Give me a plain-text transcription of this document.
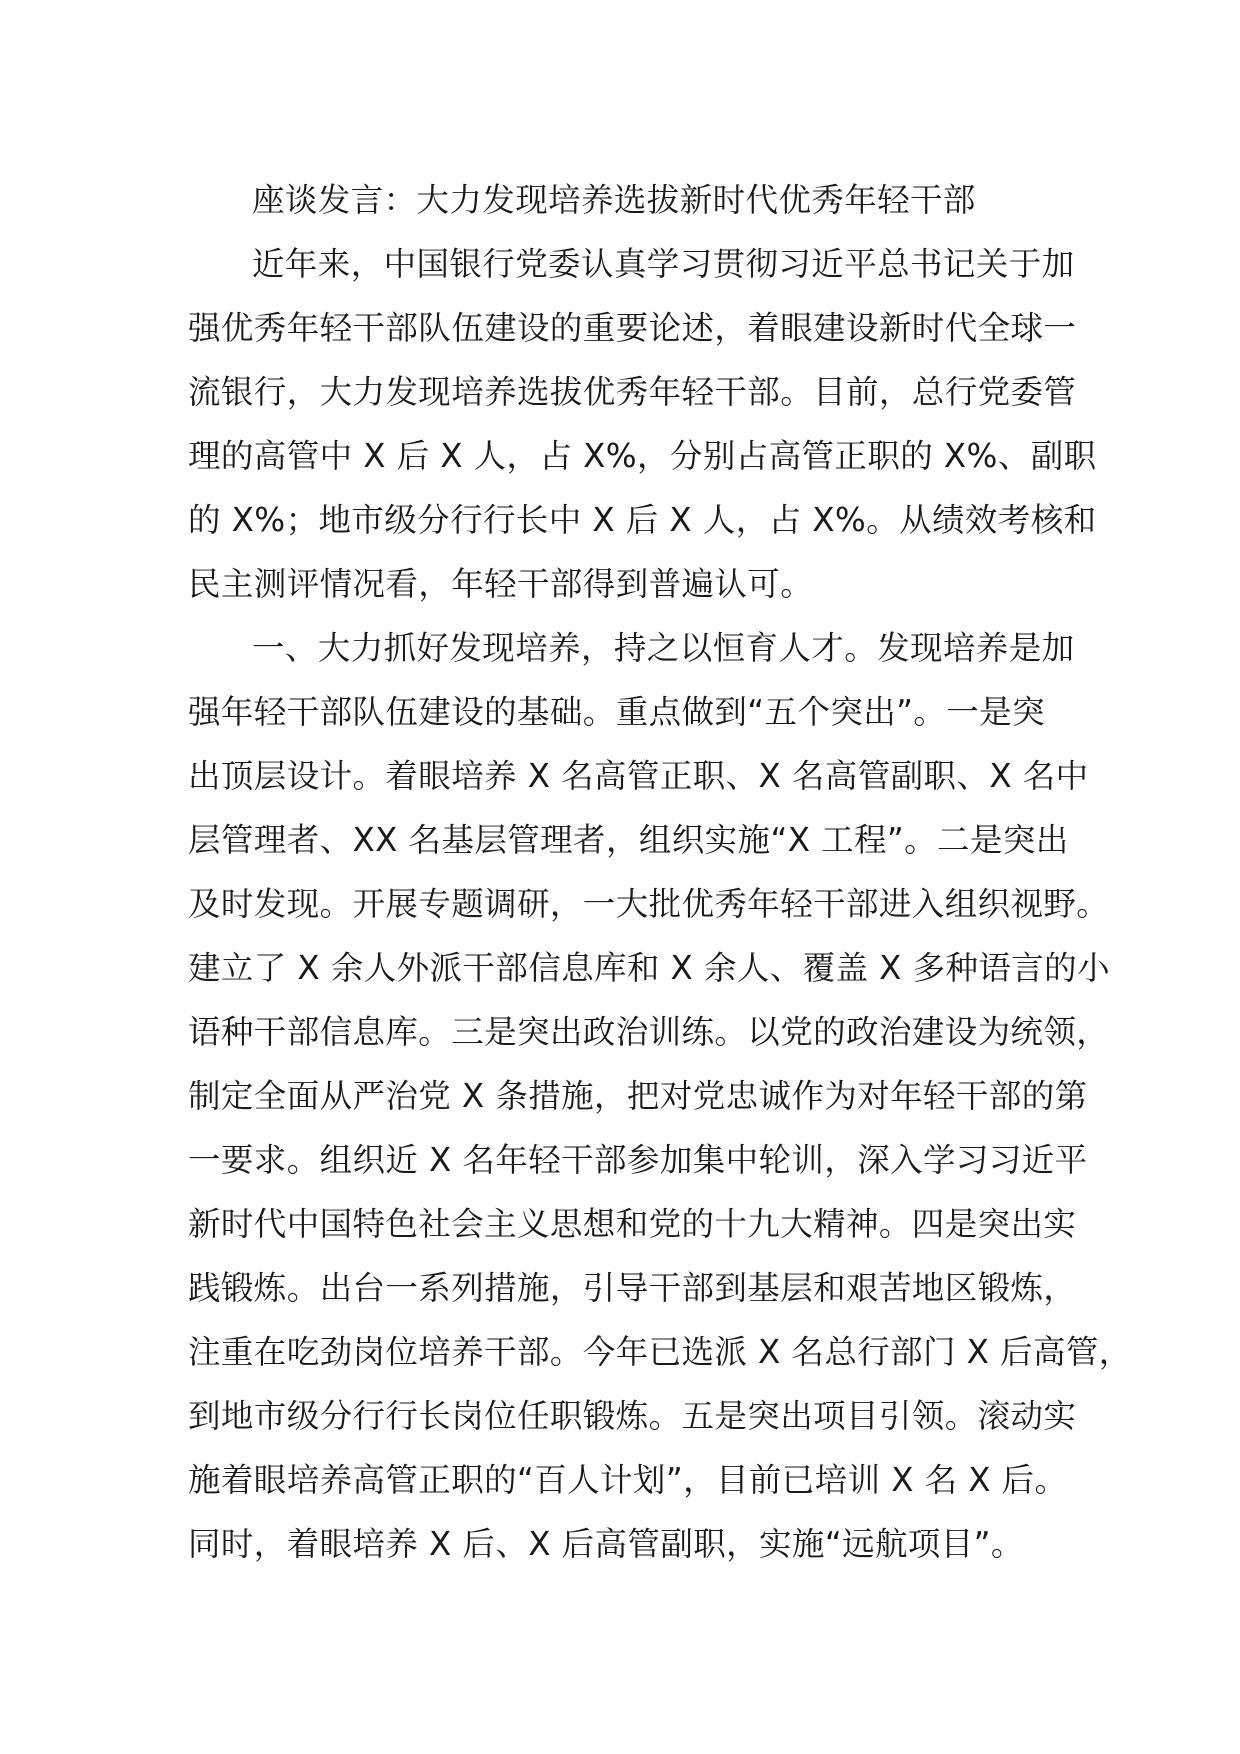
座谈发言：大力发现培养选拔新时代优秀年轻干部
近年来，中国银行党委认真学习贯彻习近平总书记关于加
强优秀年轻干部队伍建设的重要论述，着眼建设新时代全球一
流银行，大力发现培养选拔优秀年轻干部。目前，总行党委管
理的高管中 X 后 X 人，占 X%，分别占高管正职的 X%、副职
的 X%；地市级分行行长中 X 后 X 人，占 X%。从绩效考核和
民主测评情况看，年轻干部得到普遍认可。
一、大力抓好发现培养，持之以恒育人才。发现培养是加
强年轻干部队伍建设的基础。重点做到“五个突出”。一是突
出顶层设计。着眼培养 X 名高管正职、X 名高管副职、X 名中
层管理者、XX 名基层管理者，组织实施“X 工程”。二是突出
及时发现。开展专题调研，一大批优秀年轻干部进入组织视野。
建立了 X 余人外派干部信息库和 X 余人、覆盖 X 多种语言的小
语种干部信息库。三是突出政治训练。以党的政治建设为统领，
制定全面从严治党 X 条措施，把对党忠诚作为对年轻干部的第
一要求。组织近 X 名年轻干部参加集中轮训，深入学习习近平
新时代中国特色社会主义思想和党的十九大精神。四是突出实
践锻炼。出台一系列措施，引导干部到基层和艰苦地区锻炼，
注重在吃劲岗位培养干部。今年已选派 X 名总行部门 X 后高管，
到地市级分行行长岗位任职锻炼。五是突出项目引领。滚动实
施着眼培养高管正职的“百人计划”，目前已培训 X 名 X 后。
同时，着眼培养 X 后、X 后高管副职，实施“远航项目”。
